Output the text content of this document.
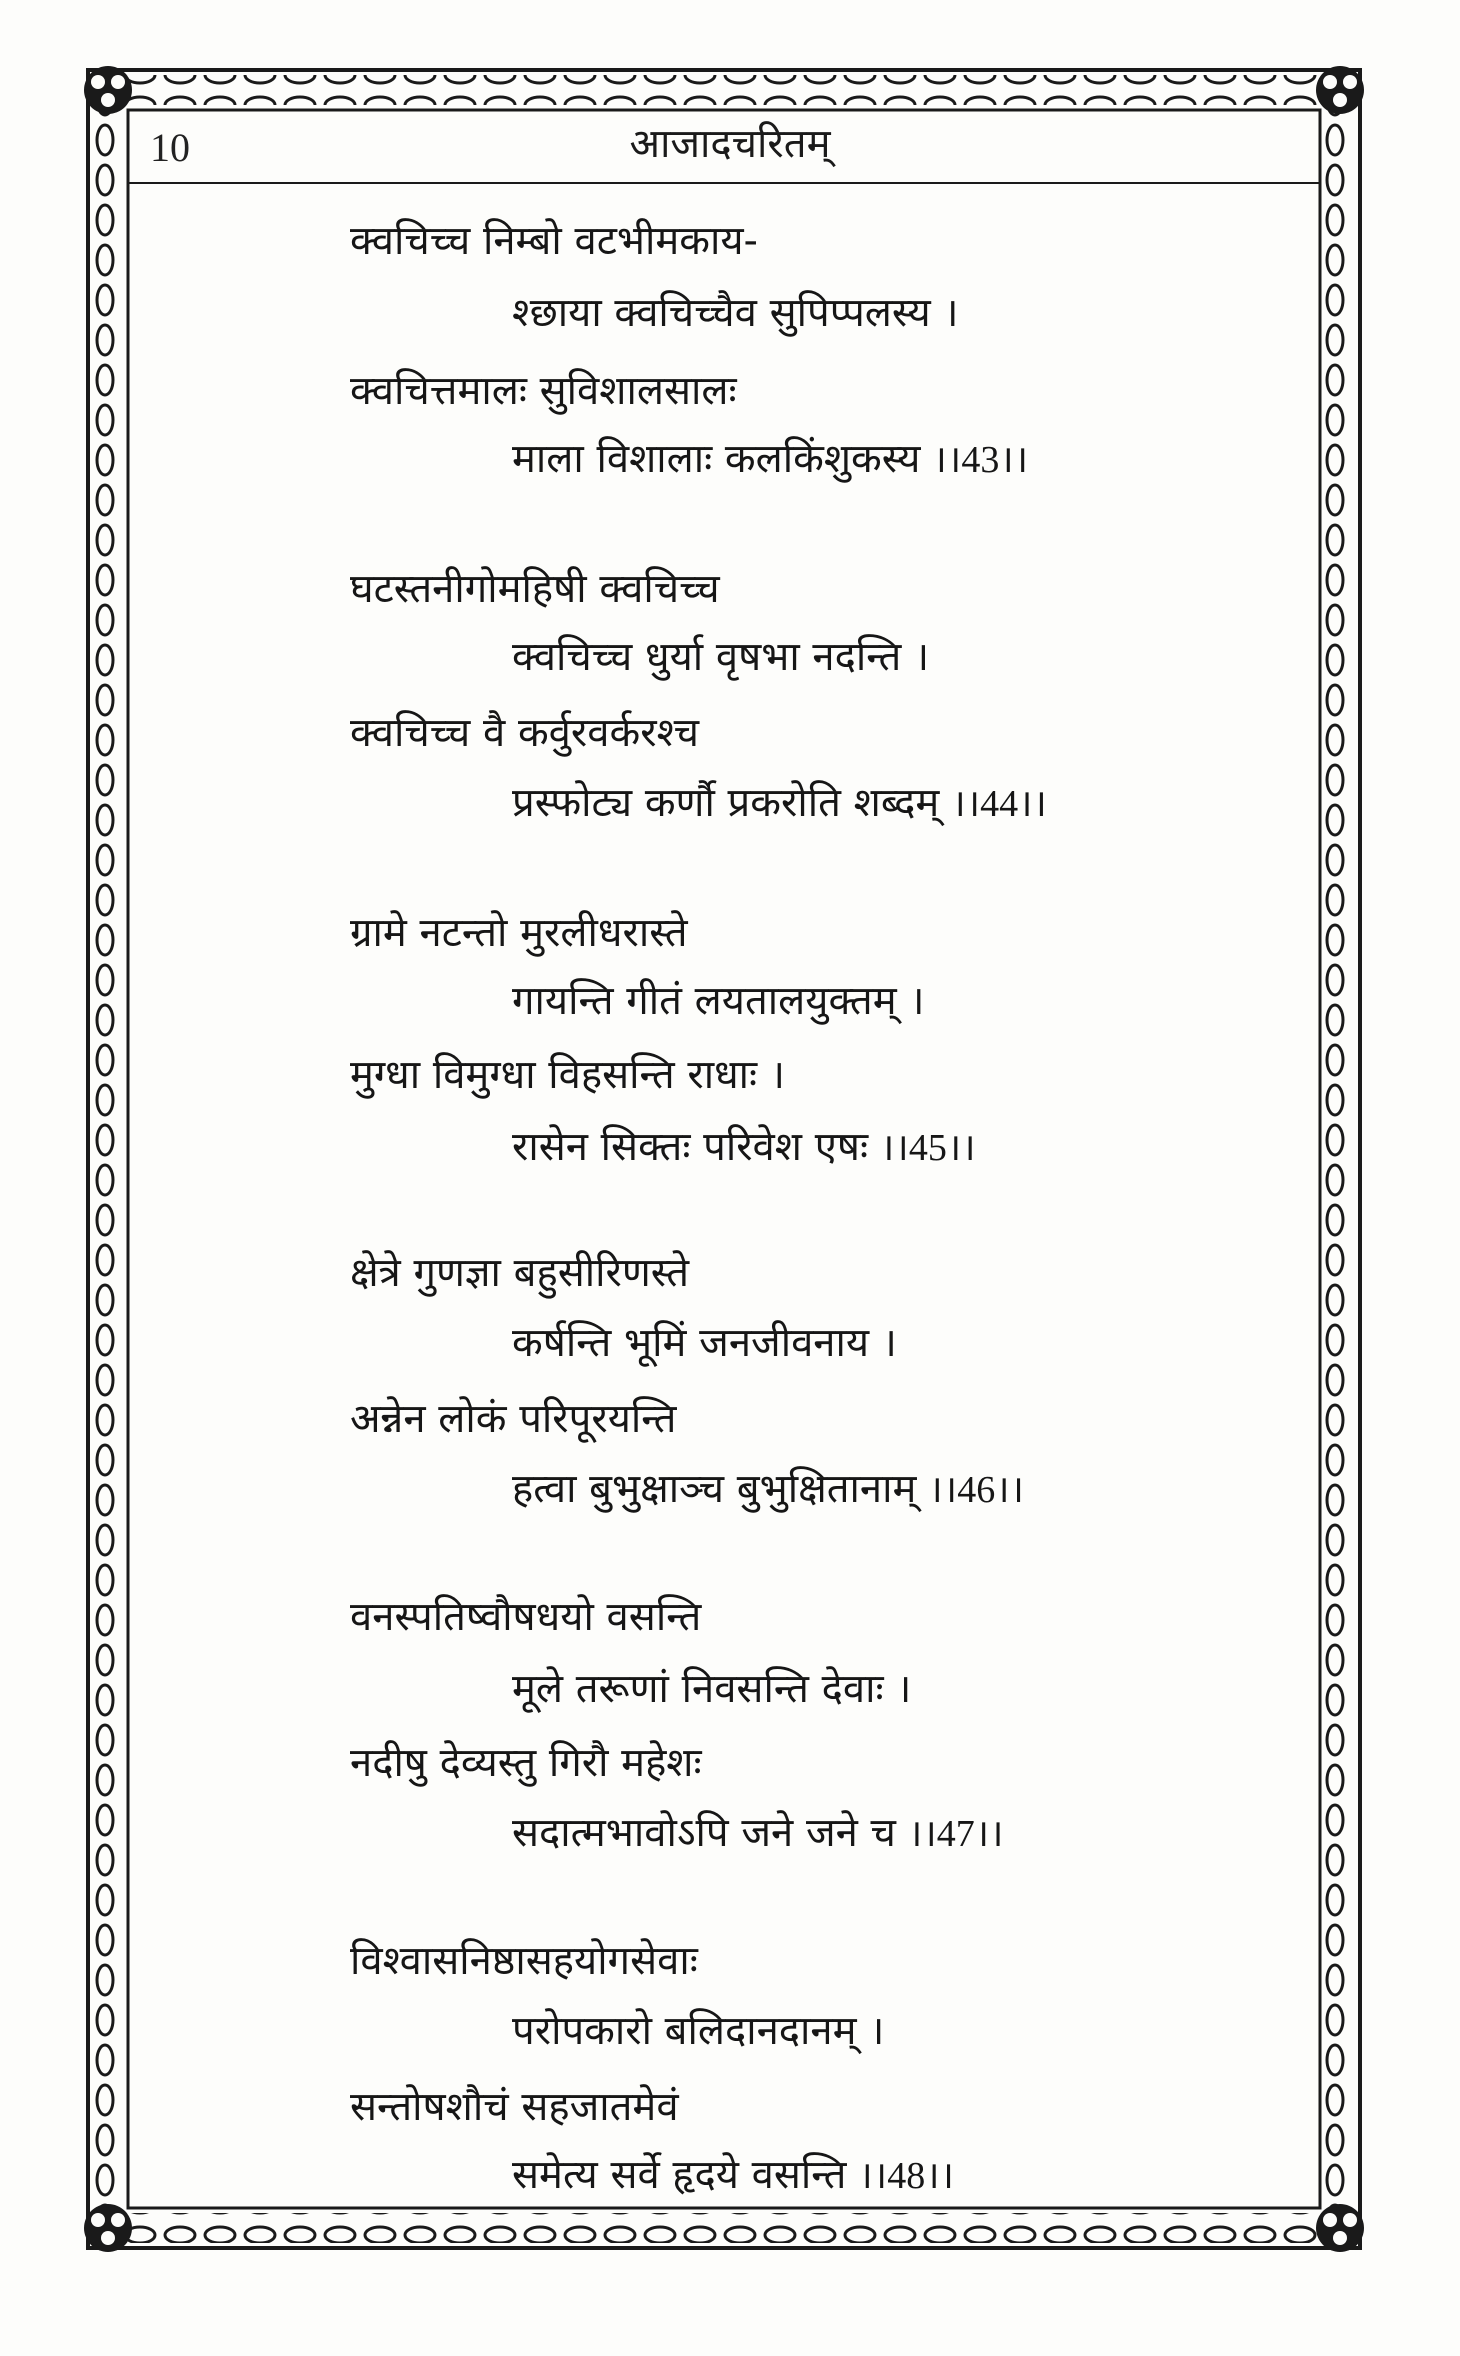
10	आजादचरितम्
क्वचिच्च निम्बो वटभीमकाय-
श्छाया क्वचिच्चैव सुपिप्पलस्य ।
क्वचित्तमालः सुविशालसालः
माला विशालाः कलकिंशुकस्य ।।43।।
घटस्तनीगोमहिषी क्वचिच्च
क्वचिच्च धुर्या वृषभा नदन्ति ।
क्वचिच्च वै कर्वुरवर्करश्च
प्रस्फोट्य कर्णौ प्रकरोति शब्दम् ।।44।।
ग्रामे नटन्तो मुरलीधरास्ते
गायन्ति गीतं लयतालयुक्तम् ।
मुग्धा विमुग्धा विहसन्ति राधाः ।
रासेन सिक्तः परिवेश एषः ।।45।।
क्षेत्रे गुणज्ञा बहुसीरिणस्ते
कर्षन्ति भूमिं जनजीवनाय ।
अन्नेन लोकं परिपूरयन्ति
हत्वा बुभुक्षाञ्च बुभुक्षितानाम् ।।46।।
वनस्पतिष्वौषधयो वसन्ति
मूले तरूणां निवसन्ति देवाः ।
नदीषु देव्यस्तु गिरौ महेशः
सदात्मभावोऽपि जने जने च ।।47।।
विश्वासनिष्ठासहयोगसेवाः
परोपकारो बलिदानदानम् ।
सन्तोषशौचं सहजातमेवं
समेत्य सर्वे हृदये वसन्ति ।।48।।
